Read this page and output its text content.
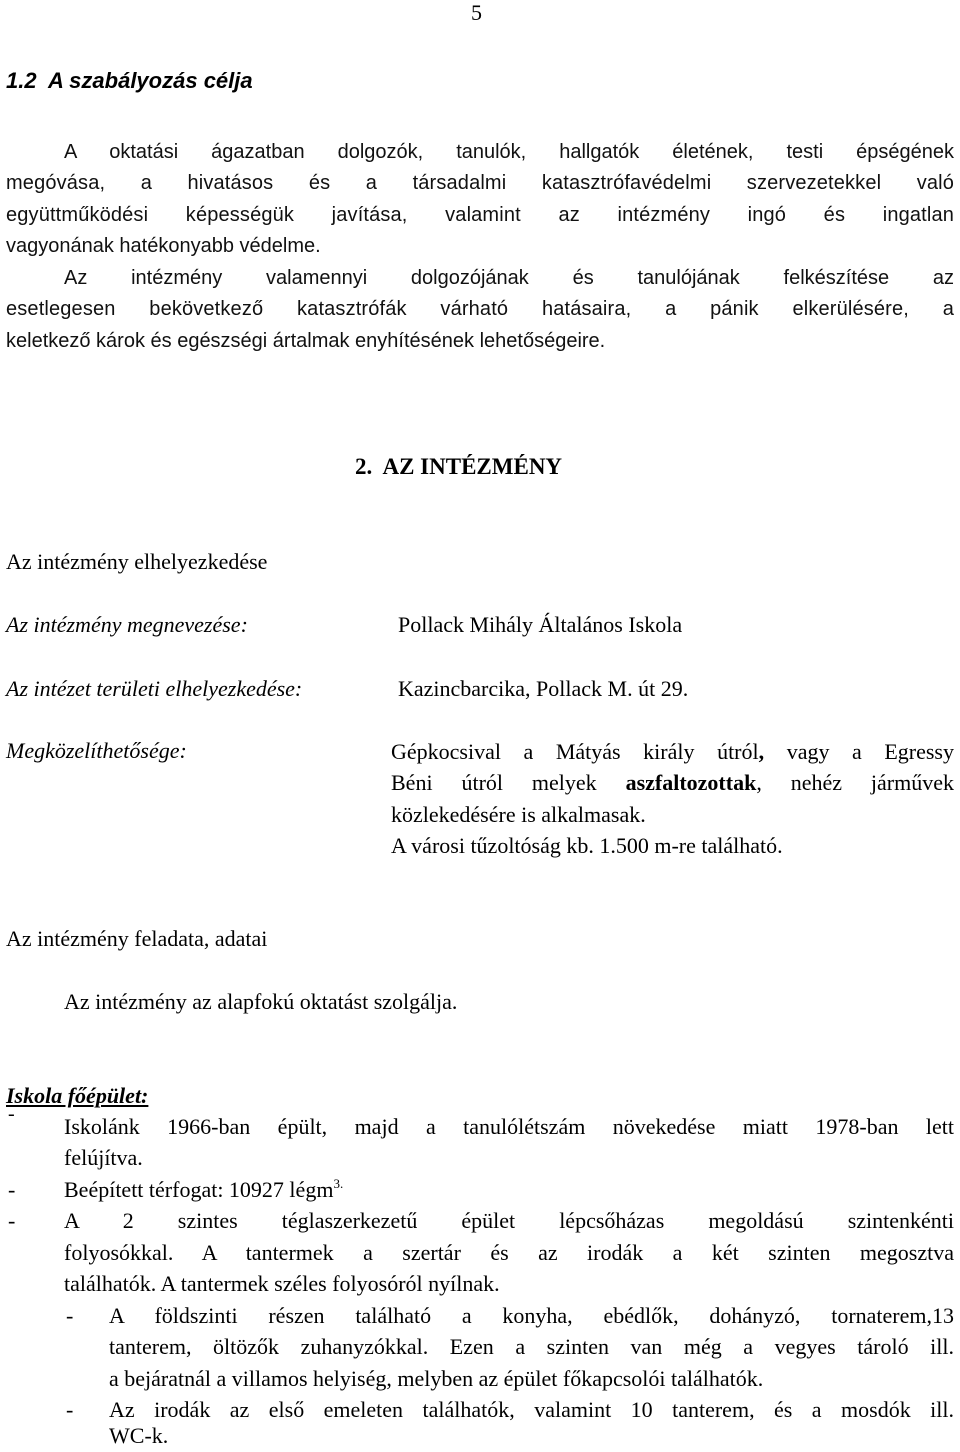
5
1.2  A szabályozás célja
A oktatási ágazatban dolgozók, tanulók, hallgatók életének, testi épségének
megóvása, a hivatásos és a társadalmi katasztrófavédelmi szervezetekkel való
együttműködési képességük javítása, valamint az intézmény ingó és ingatlan
vagyonának hatékonyabb védelme.
Az intézmény valamennyi dolgozójának és tanulójának felkészítése az
esetlegesen bekövetkező katasztrófák várható hatásaira, a pánik elkerülésére, a
keletkező károk és egészségi ártalmak enyhítésének lehetőségeire.
2.  AZ INTÉZMÉNY
Az intézmény elhelyezkedése
Az intézmény megnevezése:	Pollack Mihály Általános Iskola
Az intézet területi elhelyezkedése:	Kazincbarcika, Pollack M. út 29.
Megközelíthetősége:	Gépkocsival a Mátyás király útról, vagy a Egressy
Béni útról melyek aszfaltozottak, nehéz járművek
közlekedésére is alkalmasak.
A városi tűzoltóság kb. 1.500 m-re található.
Az intézmény feladata, adatai
Az intézmény az alapfokú oktatást szolgálja.
Iskola főépület:
- Iskolánk 1966-ban épült, majd a tanulólétszám növekedése miatt 1978-ban lett
felújítva.
- Beépített térfogat: 10927 légm$^{3.}$
- A 2 szintes téglaszerkezetű épület lépcsőházas megoldású szintenkénti
folyosókkal. A tantermek a szertár és az irodák a két szinten megosztva
találhatók. A tantermek széles folyosóról nyílnak.
- A földszinti részen található a konyha, ebédlők, dohányzó, tornaterem,13
tanterem, öltözők zuhanyzókkal. Ezen a szinten van még a vegyes tároló ill.
a bejáratnál a villamos helyiség, melyben az épület főkapcsolói találhatók.
- Az irodák az első emeleten találhatók, valamint 10 tanterem, és a mosdók ill.
WC-k.
